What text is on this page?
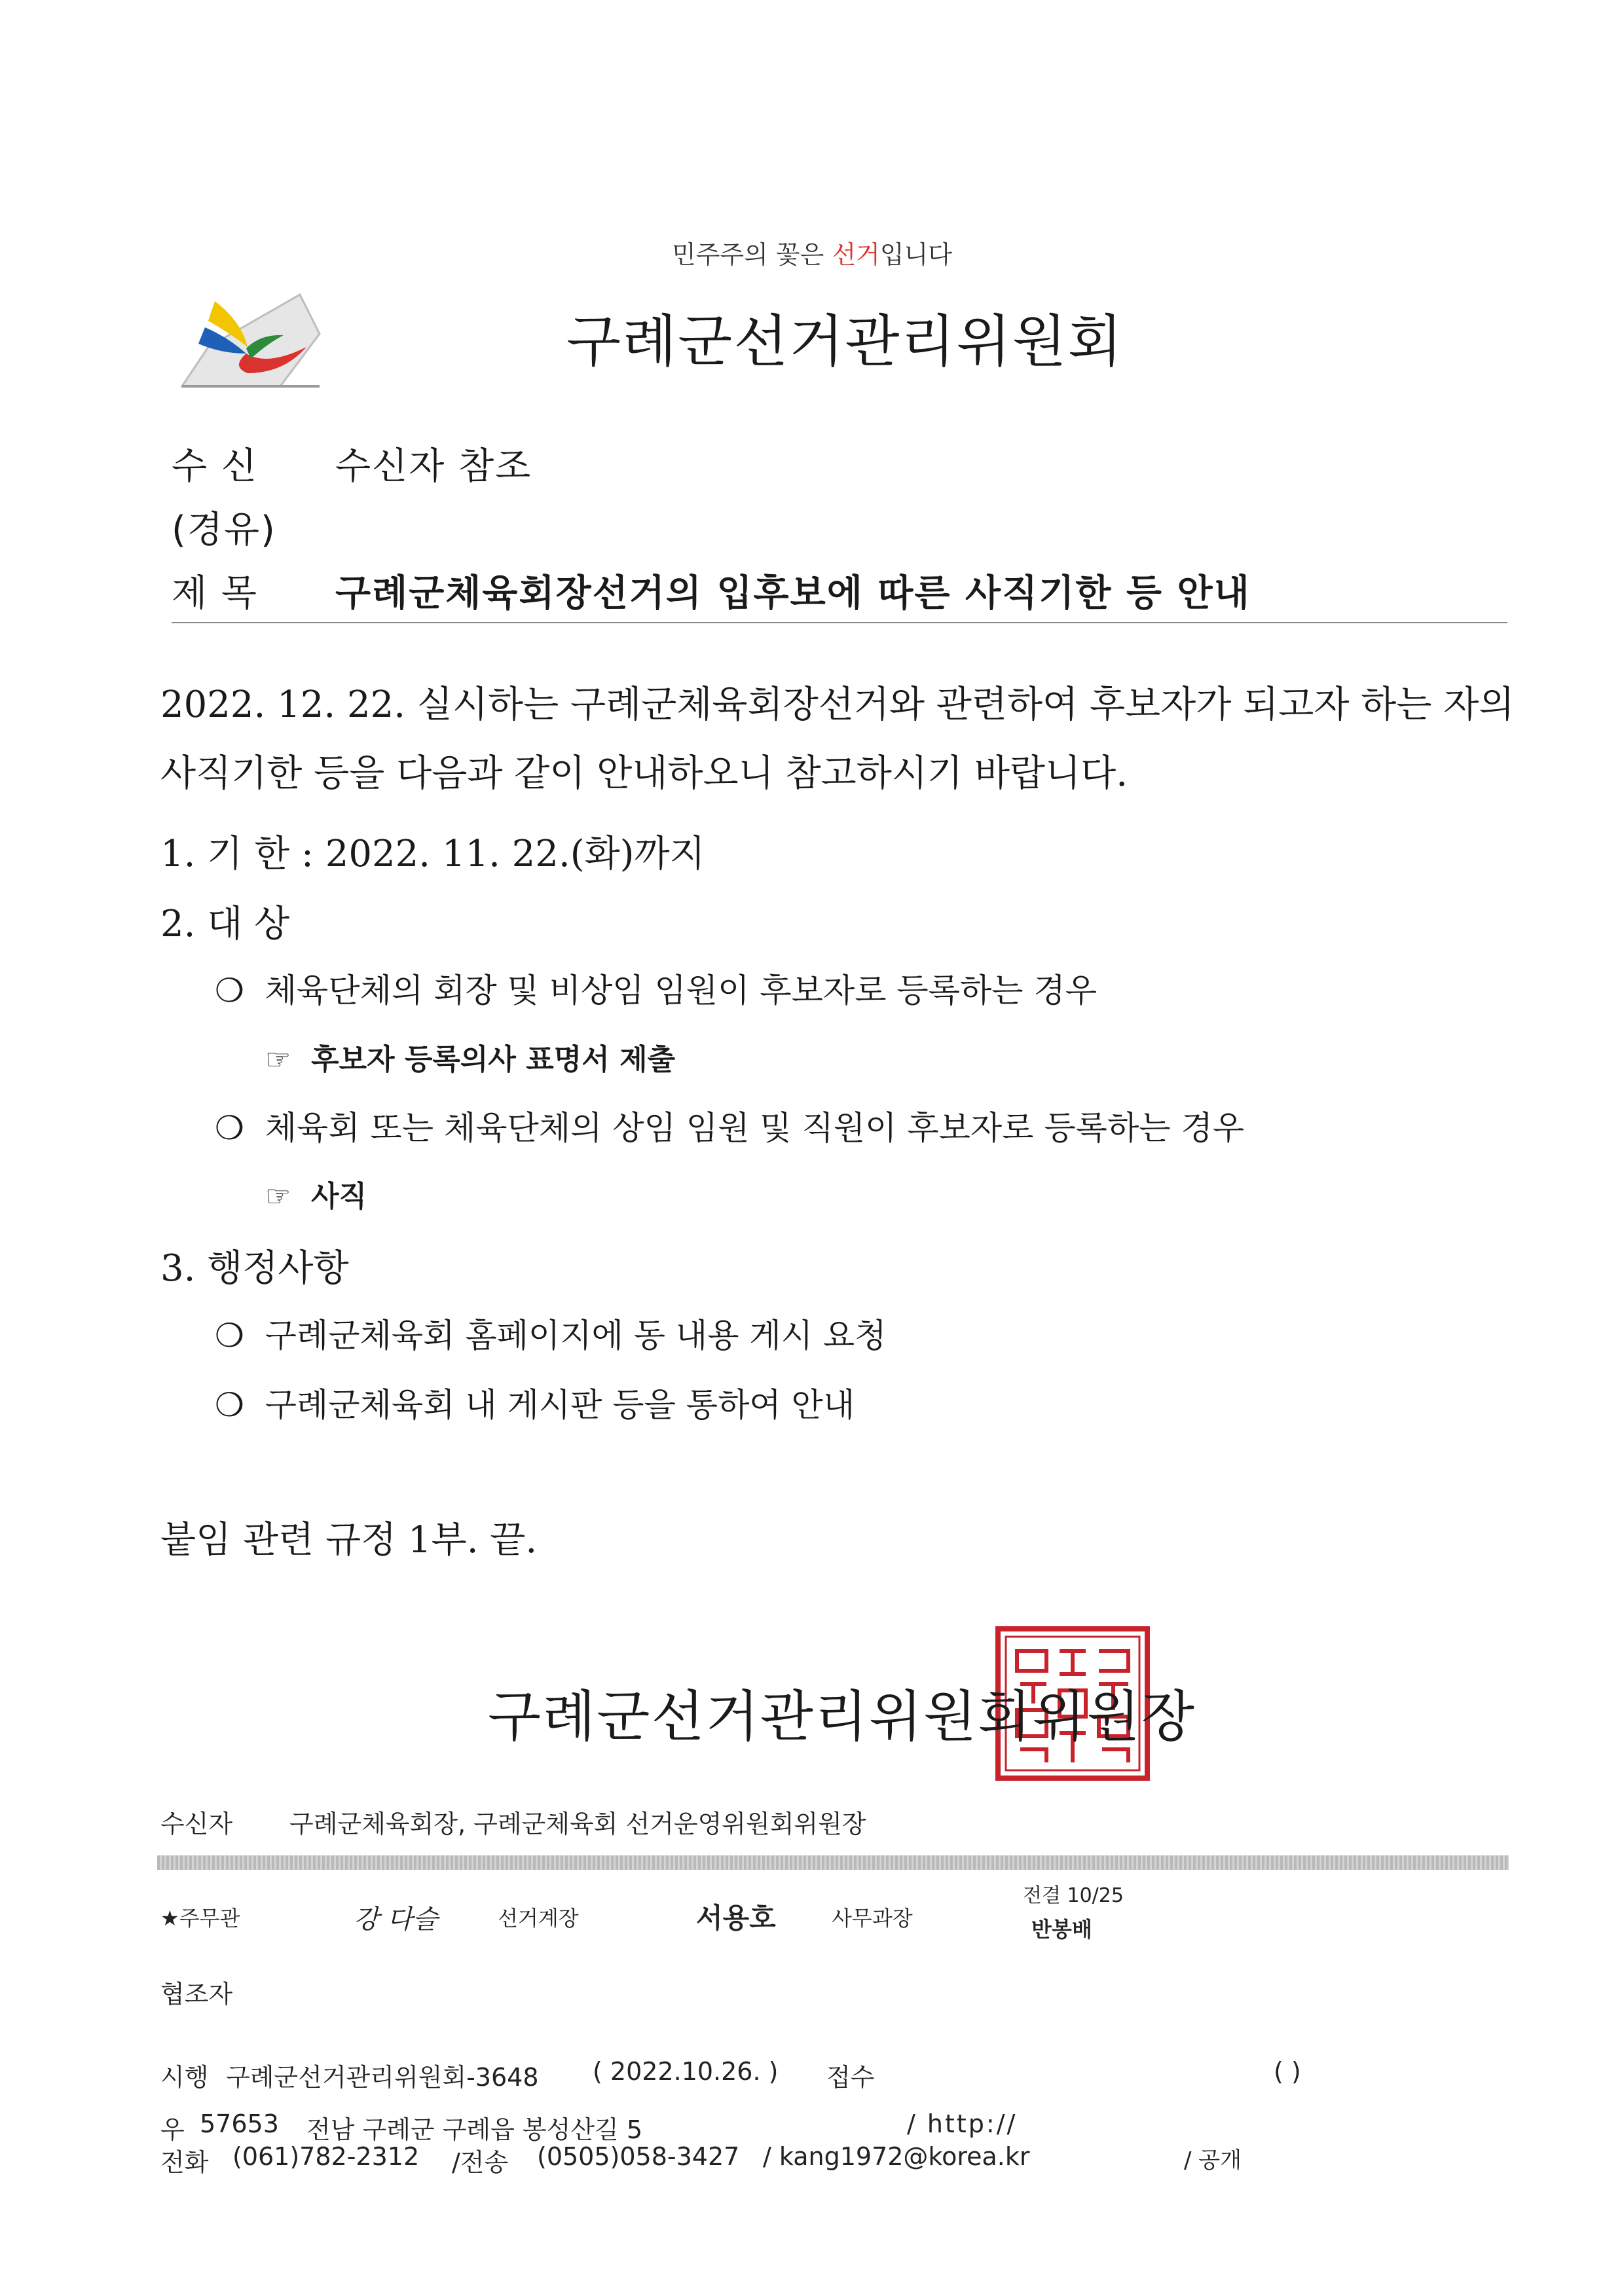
민주주의 꽃은 선거입니다
구례군선거관리위원회
수 신	수신자 참조
(경유)
제 목	구례군체육회장선거의 입후보에 따른 사직기한 등 안내
2022. 12. 22. 실시하는 구례군체육회장선거와 관련하여 후보자가 되고자 하는 자의
사직기한 등을 다음과 같이 안내하오니 참고하시기 바랍니다.
1. 기 한 : 2022. 11. 22.(화)까지
2. 대 상
❍ 체육단체의 회장 및 비상임 임원이 후보자로 등록하는 경우
☞ 후보자 등록의사 표명서 제출
❍ 체육회 또는 체육단체의 상임 임원 및 직원이 후보자로 등록하는 경우
☞ 사직
3. 행정사항
❍ 구례군체육회 홈페이지에 동 내용 게시 요청
❍ 구례군체육회 내 게시판 등을 통하여 안내
붙임 관련 규정 1부. 끝.
구례군선거관리위원회위원장
수신자 구례군체육회장, 구례군체육회 선거운영위원회위원장
★주무관	강 다슬	선거계장	서용호	사무과장
전결 10/25
반봉배
협조자
시행 구례군선거관리위원회-3648 ( 2022.10.26. ) 접수	( )
우 57653 전남 구례군 구례읍 봉성산길 5	/ http://
전화 (061)782-2312 /전송 (0505)058-3427 / kang1972@korea.kr	/ 공개
